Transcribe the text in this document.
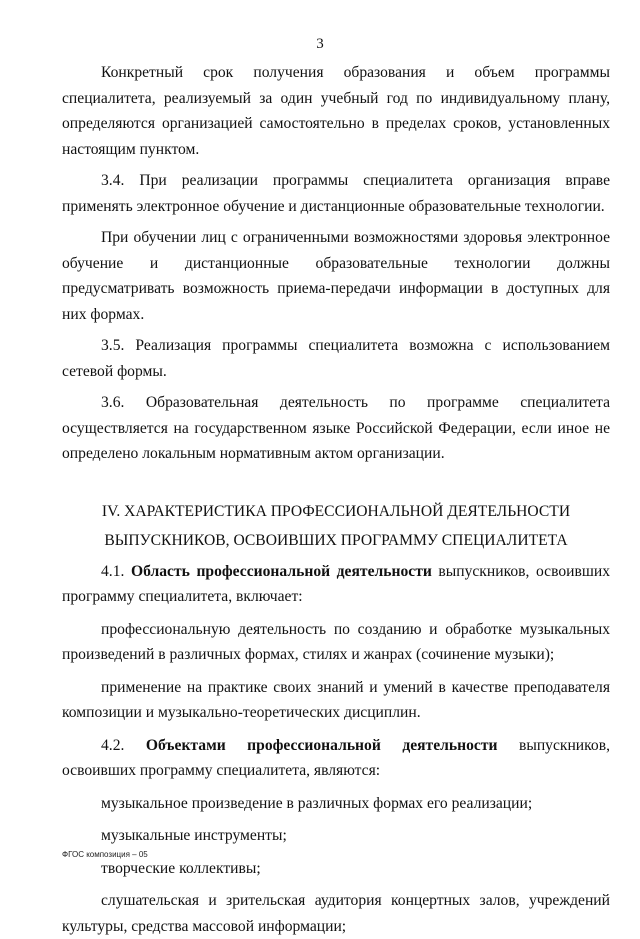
3

Конкретный срок получения образования и объем программы специалитета, реализуемый за один учебный год по индивидуальному плану, определяются организацией самостоятельно в пределах сроков, установленных настоящим пунктом.

3.4. При реализации программы специалитета организация вправе применять электронное обучение и дистанционные образовательные технологии.

При обучении лиц с ограниченными возможностями здоровья электронное обучение и дистанционные образовательные технологии должны предусматривать возможность приема-передачи информации в доступных для них формах.

3.5. Реализация программы специалитета возможна с использованием сетевой формы.

3.6. Образовательная деятельность по программе специалитета

осуществляется на государственном языке Российской Федерации, если иное не определено локальным нормативным актом организации.

IV. ХАРАКТЕРИСТИКА ПРОФЕССИОНАЛЬНОЙ ДЕЯТЕЛЬНОСТИ
ВЫПУСКНИКОВ, ОСВОИВШИХ ПРОГРАММУ СПЕЦИАЛИТЕТА

4.1. Область профессиональной деятельности выпускников, освоивших программу специалитета, включает:

профессиональную деятельность по созданию и обработке музыкальных произведений в различных формах, стилях и жанрах (сочинение музыки);

применение на практике своих знаний и умений в качестве преподавателя композиции и музыкально-теоретических дисциплин.

4.2. Объектами профессиональной деятельности выпускников, освоивших программу специалитета, являются:

музыкальное произведение в различных формах его реализации;

музыкальные инструменты;

творческие коллективы;

слушательская и зрительская аудитория концертных залов, учреждений культуры, средства массовой информации;

ФГОС композиция – 05
